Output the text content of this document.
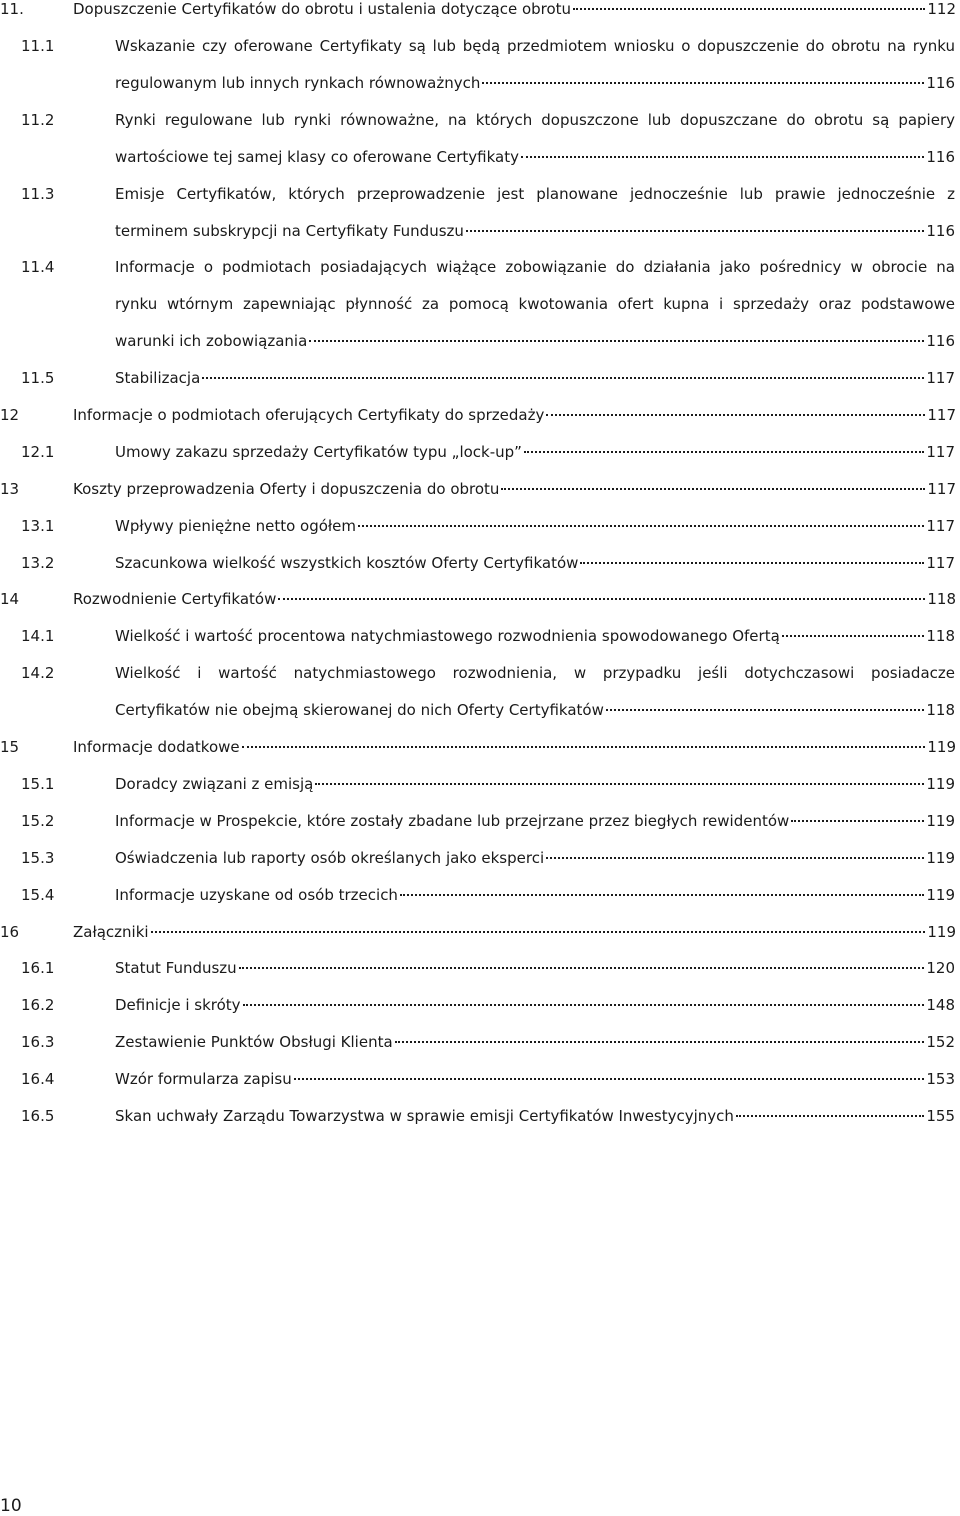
11.	Dopuszczenie Certyfikatów do obrotu i ustalenia dotyczące obrotu	112
11.1	Wskazanie czy oferowane Certyfikaty są lub będą przedmiotem wniosku o dopuszczenie do obrotu na rynku
regulowanym lub innych rynkach równoważnych	116
11.2	Rynki regulowane lub rynki równoważne, na których dopuszczone lub dopuszczane do obrotu są papiery
wartościowe tej samej klasy co oferowane Certyfikaty	116
11.3	Emisje Certyfikatów, których przeprowadzenie jest planowane jednocześnie lub prawie jednocześnie z
terminem subskrypcji na Certyfikaty Funduszu	116
11.4	Informacje o podmiotach posiadających wiążące zobowiązanie do działania jako pośrednicy w obrocie na
rynku wtórnym zapewniając płynność za pomocą kwotowania ofert kupna i sprzedaży oraz podstawowe
warunki ich zobowiązania	116
11.5	Stabilizacja	117
12	Informacje o podmiotach oferujących Certyfikaty do sprzedaży	117
12.1	Umowy zakazu sprzedaży Certyfikatów typu „lock-up”	117
13	Koszty przeprowadzenia Oferty i dopuszczenia do obrotu	117
13.1	Wpływy pieniężne netto ogółem	117
13.2	Szacunkowa wielkość wszystkich kosztów Oferty Certyfikatów	117
14	Rozwodnienie Certyfikatów	118
14.1	Wielkość i wartość procentowa natychmiastowego rozwodnienia spowodowanego Ofertą	118
14.2	Wielkość i wartość natychmiastowego rozwodnienia, w przypadku jeśli dotychczasowi posiadacze
Certyfikatów nie obejmą skierowanej do nich Oferty Certyfikatów	118
15	Informacje dodatkowe	119
15.1	Doradcy związani z emisją	119
15.2	Informacje w Prospekcie, które zostały zbadane lub przejrzane przez biegłych rewidentów	119
15.3	Oświadczenia lub raporty osób określanych jako eksperci	119
15.4	Informacje uzyskane od osób trzecich	119
16	Załączniki	119
16.1	Statut Funduszu	120
16.2	Definicje i skróty	148
16.3	Zestawienie Punktów Obsługi Klienta	152
16.4	Wzór formularza zapisu	153
16.5	Skan uchwały Zarządu Towarzystwa w sprawie emisji Certyfikatów Inwestycyjnych	155
10
